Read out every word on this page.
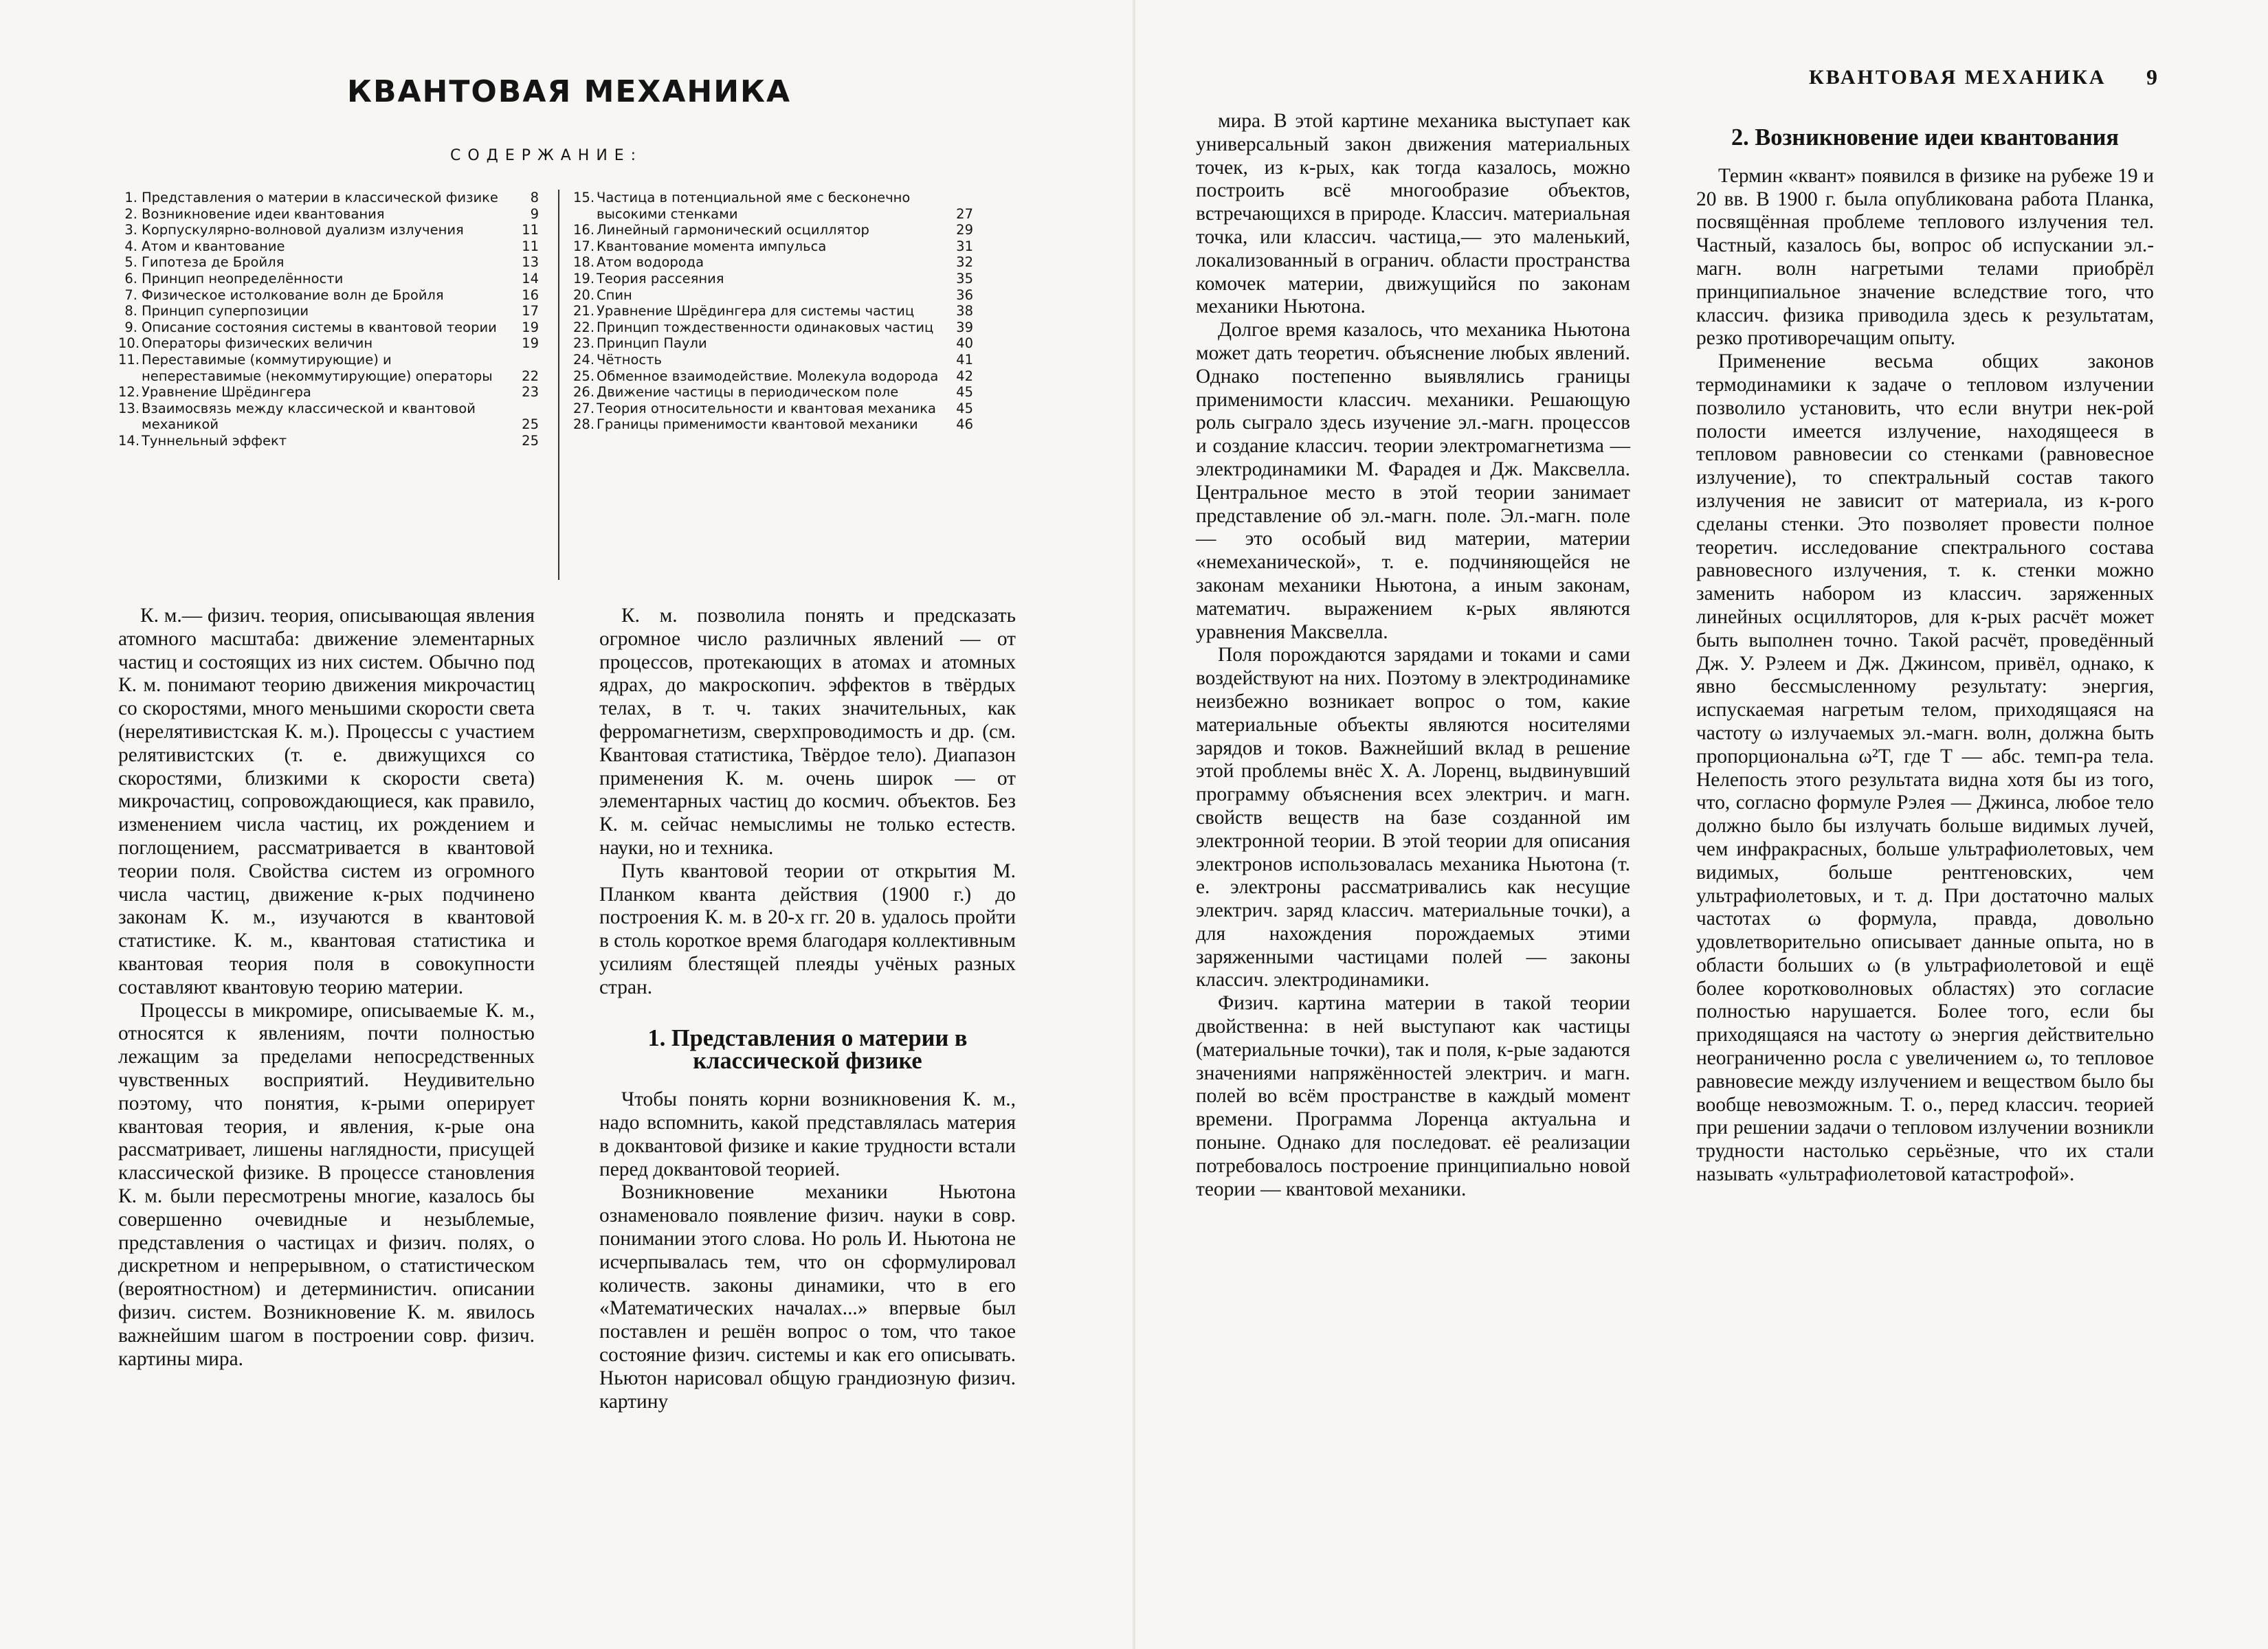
КВАНТОВАЯ МЕХАНИКА
СОДЕРЖАНИЕ:
1. Представления о материи в классической физике	8
2. Возникновение идеи квантования	9
3. Корпускулярно-волновой дуализм излучения	11
4. Атом и квантование	11
5. Гипотеза де Бройля	13
6. Принцип неопределённости	14
7. Физическое истолкование волн де Бройля	16
8. Принцип суперпозиции	17
9. Описание состояния системы в квантовой теории	19
10. Операторы физических величин	19
11. Переставимые (коммутирующие) и непереставимые (некоммутирующие) операторы	22
12. Уравнение Шрёдингера	23
13. Взаимосвязь между классической и квантовой механикой	25
14. Туннельный эффект	25
15. Частица в потенциальной яме с бесконечно высокими стенками	27
16. Линейный гармонический осциллятор	29
17. Квантование момента импульса	31
18. Атом водорода	32
19. Теория рассеяния	35
20. Спин	36
21. Уравнение Шрёдингера для системы частиц	38
22. Принцип тождественности одинаковых частиц	39
23. Принцип Паули	40
24. Чётность	41
25. Обменное взаимодействие. Молекула водорода	42
26. Движение частицы в периодическом поле	45
27. Теория относительности и квантовая механика	45
28. Границы применимости квантовой механики	46

К. м.— физич. теория, описывающая явления атомного масштаба: движение элементарных частиц и состоящих из них систем. Обычно под К. м. понимают теорию движения микрочастиц со скоростями, много меньшими скорости света (нерелятивистская К. м.). Процессы с участием релятивистских (т. е. движущихся со скоростями, близкими к скорости света) микрочастиц, сопровождающиеся, как правило, изменением числа частиц, их рождением и поглощением, рассматривается в квантовой теории поля. Свойства систем из огромного числа частиц, движение к-рых подчинено законам К. м., изучаются в квантовой статистике. К. м., квантовая статистика и квантовая теория поля в совокупности составляют квантовую теорию материи.

Процессы в микромире, описываемые К. м., относятся к явлениям, почти полностью лежащим за пределами непосредственных чувственных восприятий. Неудивительно поэтому, что понятия, к-рыми оперирует квантовая теория, и явления, к-рые она рассматривает, лишены наглядности, присущей классической физике. В процессе становления К. м. были пересмотрены многие, казалось бы совершенно очевидные и незыблемые, представления о частицах и физич. полях, о дискретном и непрерывном, о статистическом (вероятностном) и детерминистич. описании физич. систем. Возникновение К. м. явилось важнейшим шагом в построении совр. физич. картины мира.

К. м. позволила понять и предсказать огромное число различных явлений — от процессов, протекающих в атомах и атомных ядрах, до макроскопич. эффектов в твёрдых телах, в т. ч. таких значительных, как ферромагнетизм, сверхпроводимость и др. (см. Квантовая статистика, Твёрдое тело). Диапазон применения К. м. очень широк — от элементарных частиц до космич. объектов. Без К. м. сейчас немыслимы не только естеств. науки, но и техника.

Путь квантовой теории от открытия М. Планком кванта действия (1900 г.) до построения К. м. в 20-х гг. 20 в. удалось пройти в столь короткое время благодаря коллективным усилиям блестящей плеяды учёных разных стран.

1. Представления о материи в классической физике

Чтобы понять корни возникновения К. м., надо вспомнить, какой представлялась материя в доквантовой физике и какие трудности встали перед доквантовой теорией.

Возникновение механики Ньютона ознаменовало появление физич. науки в совр. понимании этого слова. Но роль И. Ньютона не исчерпывалась тем, что он сформулировал количеств. законы динамики, что в его «Математических началах...» впервые был поставлен и решён вопрос о том, что такое состояние физич. системы и как его описывать. Ньютон нарисовал общую грандиозную физич. картину

КВАНТОВАЯ МЕХАНИКА 9

мира. В этой картине механика выступает как универсальный закон движения материальных точек, из к-рых, как тогда казалось, можно построить всё многообразие объектов, встречающихся в природе. Классич. материальная точка, или классич. частица,— это маленький, локализованный в огранич. области пространства комочек материи, движущийся по законам механики Ньютона.

Долгое время казалось, что механика Ньютона может дать теоретич. объяснение любых явлений. Однако постепенно выявлялись границы применимости классич. механики. Решающую роль сыграло здесь изучение эл.-магн. процессов и создание классич. теории электромагнетизма — электродинамики М. Фарадея и Дж. Максвелла. Центральное место в этой теории занимает представление об эл.-магн. поле. Эл.-магн. поле — это особый вид материи, материи «немеханической», т. е. подчиняющейся не законам механики Ньютона, а иным законам, математич. выражением к-рых являются уравнения Максвелла.

Поля порождаются зарядами и токами и сами воздействуют на них. Поэтому в электродинамике неизбежно возникает вопрос о том, какие материальные объекты являются носителями зарядов и токов. Важнейший вклад в решение этой проблемы внёс Х. А. Лоренц, выдвинувший программу объяснения всех электрич. и магн. свойств веществ на базе созданной им электронной теории. В этой теории для описания электронов использовалась механика Ньютона (т. е. электроны рассматривались как несущие электрич. заряд классич. материальные точки), а для нахождения порождаемых этими заряженными частицами полей — законы классич. электродинамики.

Физич. картина материи в такой теории двойственна: в ней выступают как частицы (материальные точки), так и поля, к-рые задаются значениями напряжённостей электрич. и магн. полей во всём пространстве в каждый момент времени. Программа Лоренца актуальна и поныне. Однако для последоват. её реализации потребовалось построение принципиально новой теории — квантовой механики.

2. Возникновение идеи квантования

Термин «квант» появился в физике на рубеже 19 и 20 вв. В 1900 г. была опубликована работа Планка, посвящённая проблеме теплового излучения тел. Частный, казалось бы, вопрос об испускании эл.-магн. волн нагретыми телами приобрёл принципиальное значение вследствие того, что классич. физика приводила здесь к результатам, резко противоречащим опыту.

Применение весьма общих законов термодинамики к задаче о тепловом излучении позволило установить, что если внутри нек-рой полости имеется излучение, находящееся в тепловом равновесии со стенками (равновесное излучение), то спектральный состав такого излучения не зависит от материала, из к-рого сделаны стенки. Это позволяет провести полное теоретич. исследование спектрального состава равновесного излучения, т. к. стенки можно заменить набором из классич. заряженных линейных осцилляторов, для к-рых расчёт может быть выполнен точно. Такой расчёт, проведённый Дж. У. Рэлеем и Дж. Джинсом, привёл, однако, к явно бессмысленному результату: энергия, испускаемая нагретым телом, приходящаяся на частоту ω излучаемых эл.-магн. волн, должна быть пропорциональна ω²T, где T — абс. темп-ра тела. Нелепость этого результата видна хотя бы из того, что, согласно формуле Рэлея — Джинса, любое тело должно было бы излучать больше видимых лучей, чем инфракрасных, больше ультрафиолетовых, чем видимых, больше рентгеновских, чем ультрафиолетовых, и т. д. При достаточно малых частотах ω формула, правда, довольно удовлетворительно описывает данные опыта, но в области больших ω (в ультрафиолетовой и ещё более коротковолновых областях) это согласие полностью нарушается. Более того, если бы приходящаяся на частоту ω энергия действительно неограниченно росла с увеличением ω, то тепловое равновесие между излучением и веществом было бы вообще невозможным. Т. о., перед классич. теорией при решении задачи о тепловом излучении возникли трудности настолько серьёзные, что их стали называть «ультрафиолетовой катастрофой».
